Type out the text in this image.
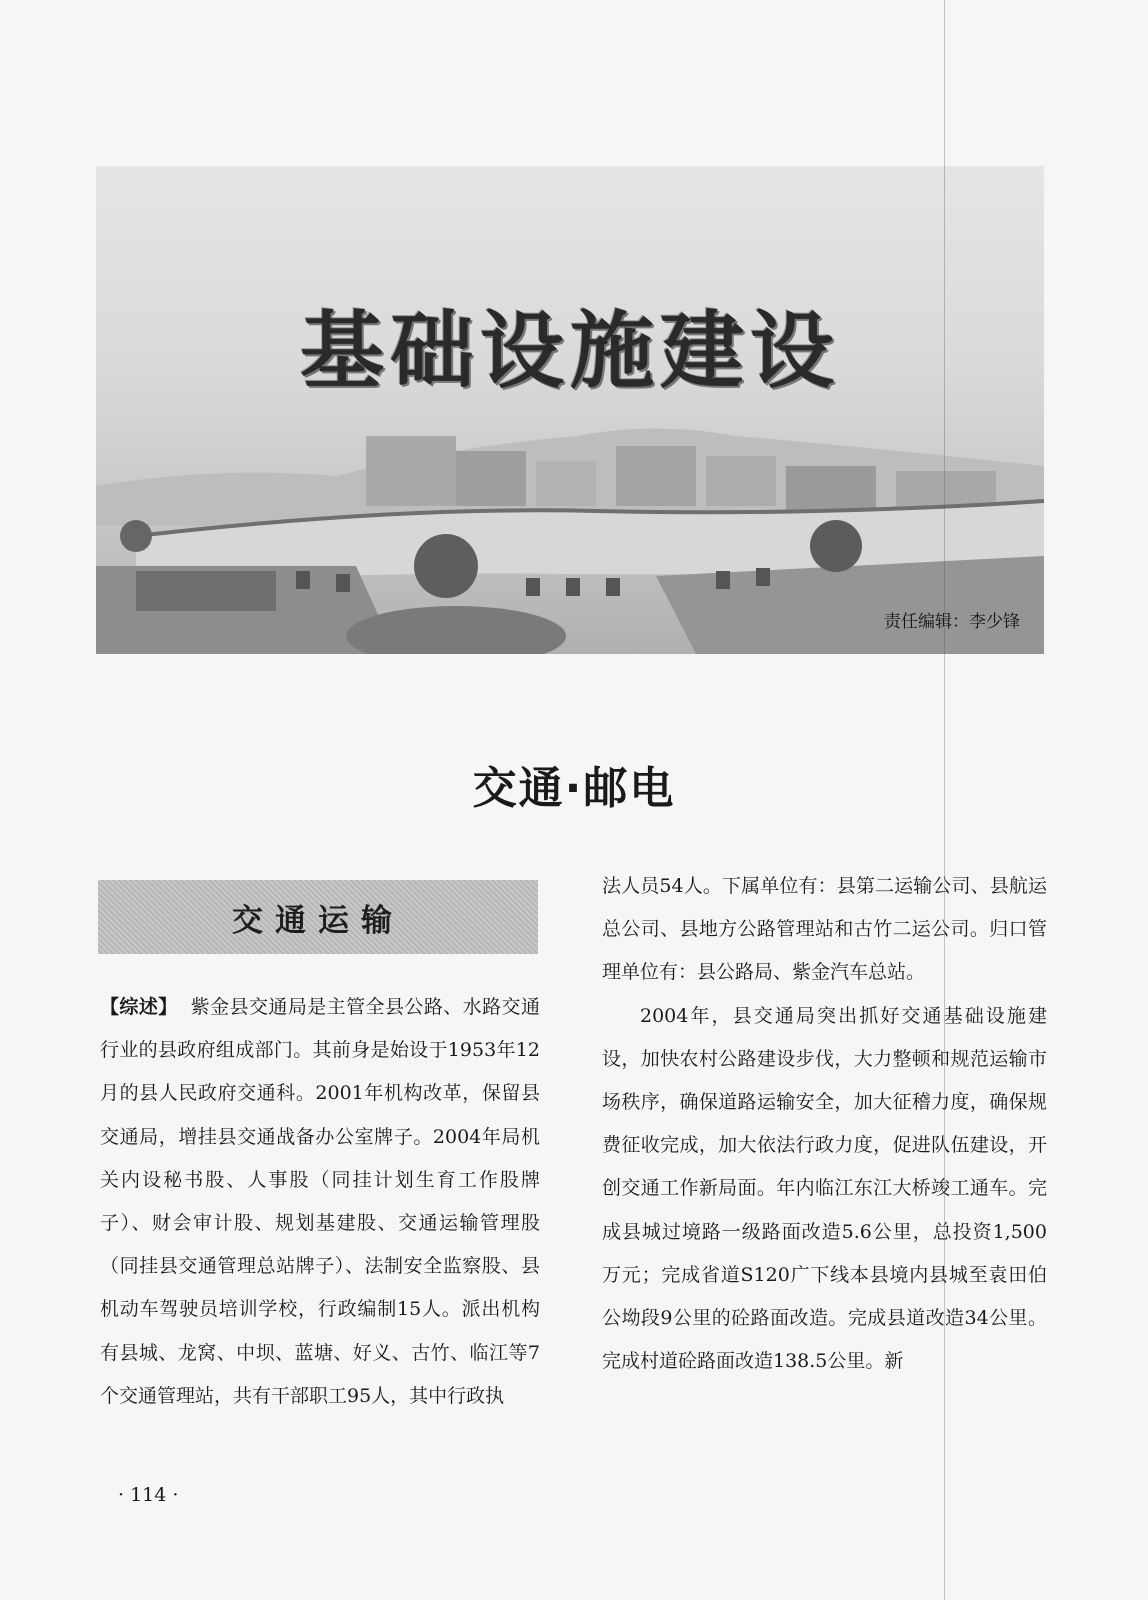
基础设施建设
责任编辑：李少锋
交通·邮电
交通运输

【综述】 紫金县交通局是主管全县公路、水路交通行业的县政府组成部门。其前身是始设于1953年12月的县人民政府交通科。2001年机构改革，保留县交通局，增挂县交通战备办公室牌子。2004年局机关内设秘书股、人事股（同挂计划生育工作股牌子）、财会审计股、规划基建股、交通运输管理股（同挂县交通管理总站牌子）、法制安全监察股、县机动车驾驶员培训学校，行政编制15人。派出机构有县城、龙窝、中坝、蓝塘、好义、古竹、临江等7个交通管理站，共有干部职工95人，其中行政执

法人员54人。下属单位有：县第二运输公司、县航运总公司、县地方公路管理站和古竹二运公司。归口管理单位有：县公路局、紫金汽车总站。

2004年，县交通局突出抓好交通基础设施建设，加快农村公路建设步伐，大力整顿和规范运输市场秩序，确保道路运输安全，加大征稽力度，确保规费征收完成，加大依法行政力度，促进队伍建设，开创交通工作新局面。年内临江东江大桥竣工通车。完成县城过境路一级路面改造5.6公里，总投资1,500万元；完成省道S120广下线本县境内县城至袁田伯公坳段9公里的砼路面改造。完成县道改造34公里。完成村道砼路面改造138.5公里。新

· 114 ·
